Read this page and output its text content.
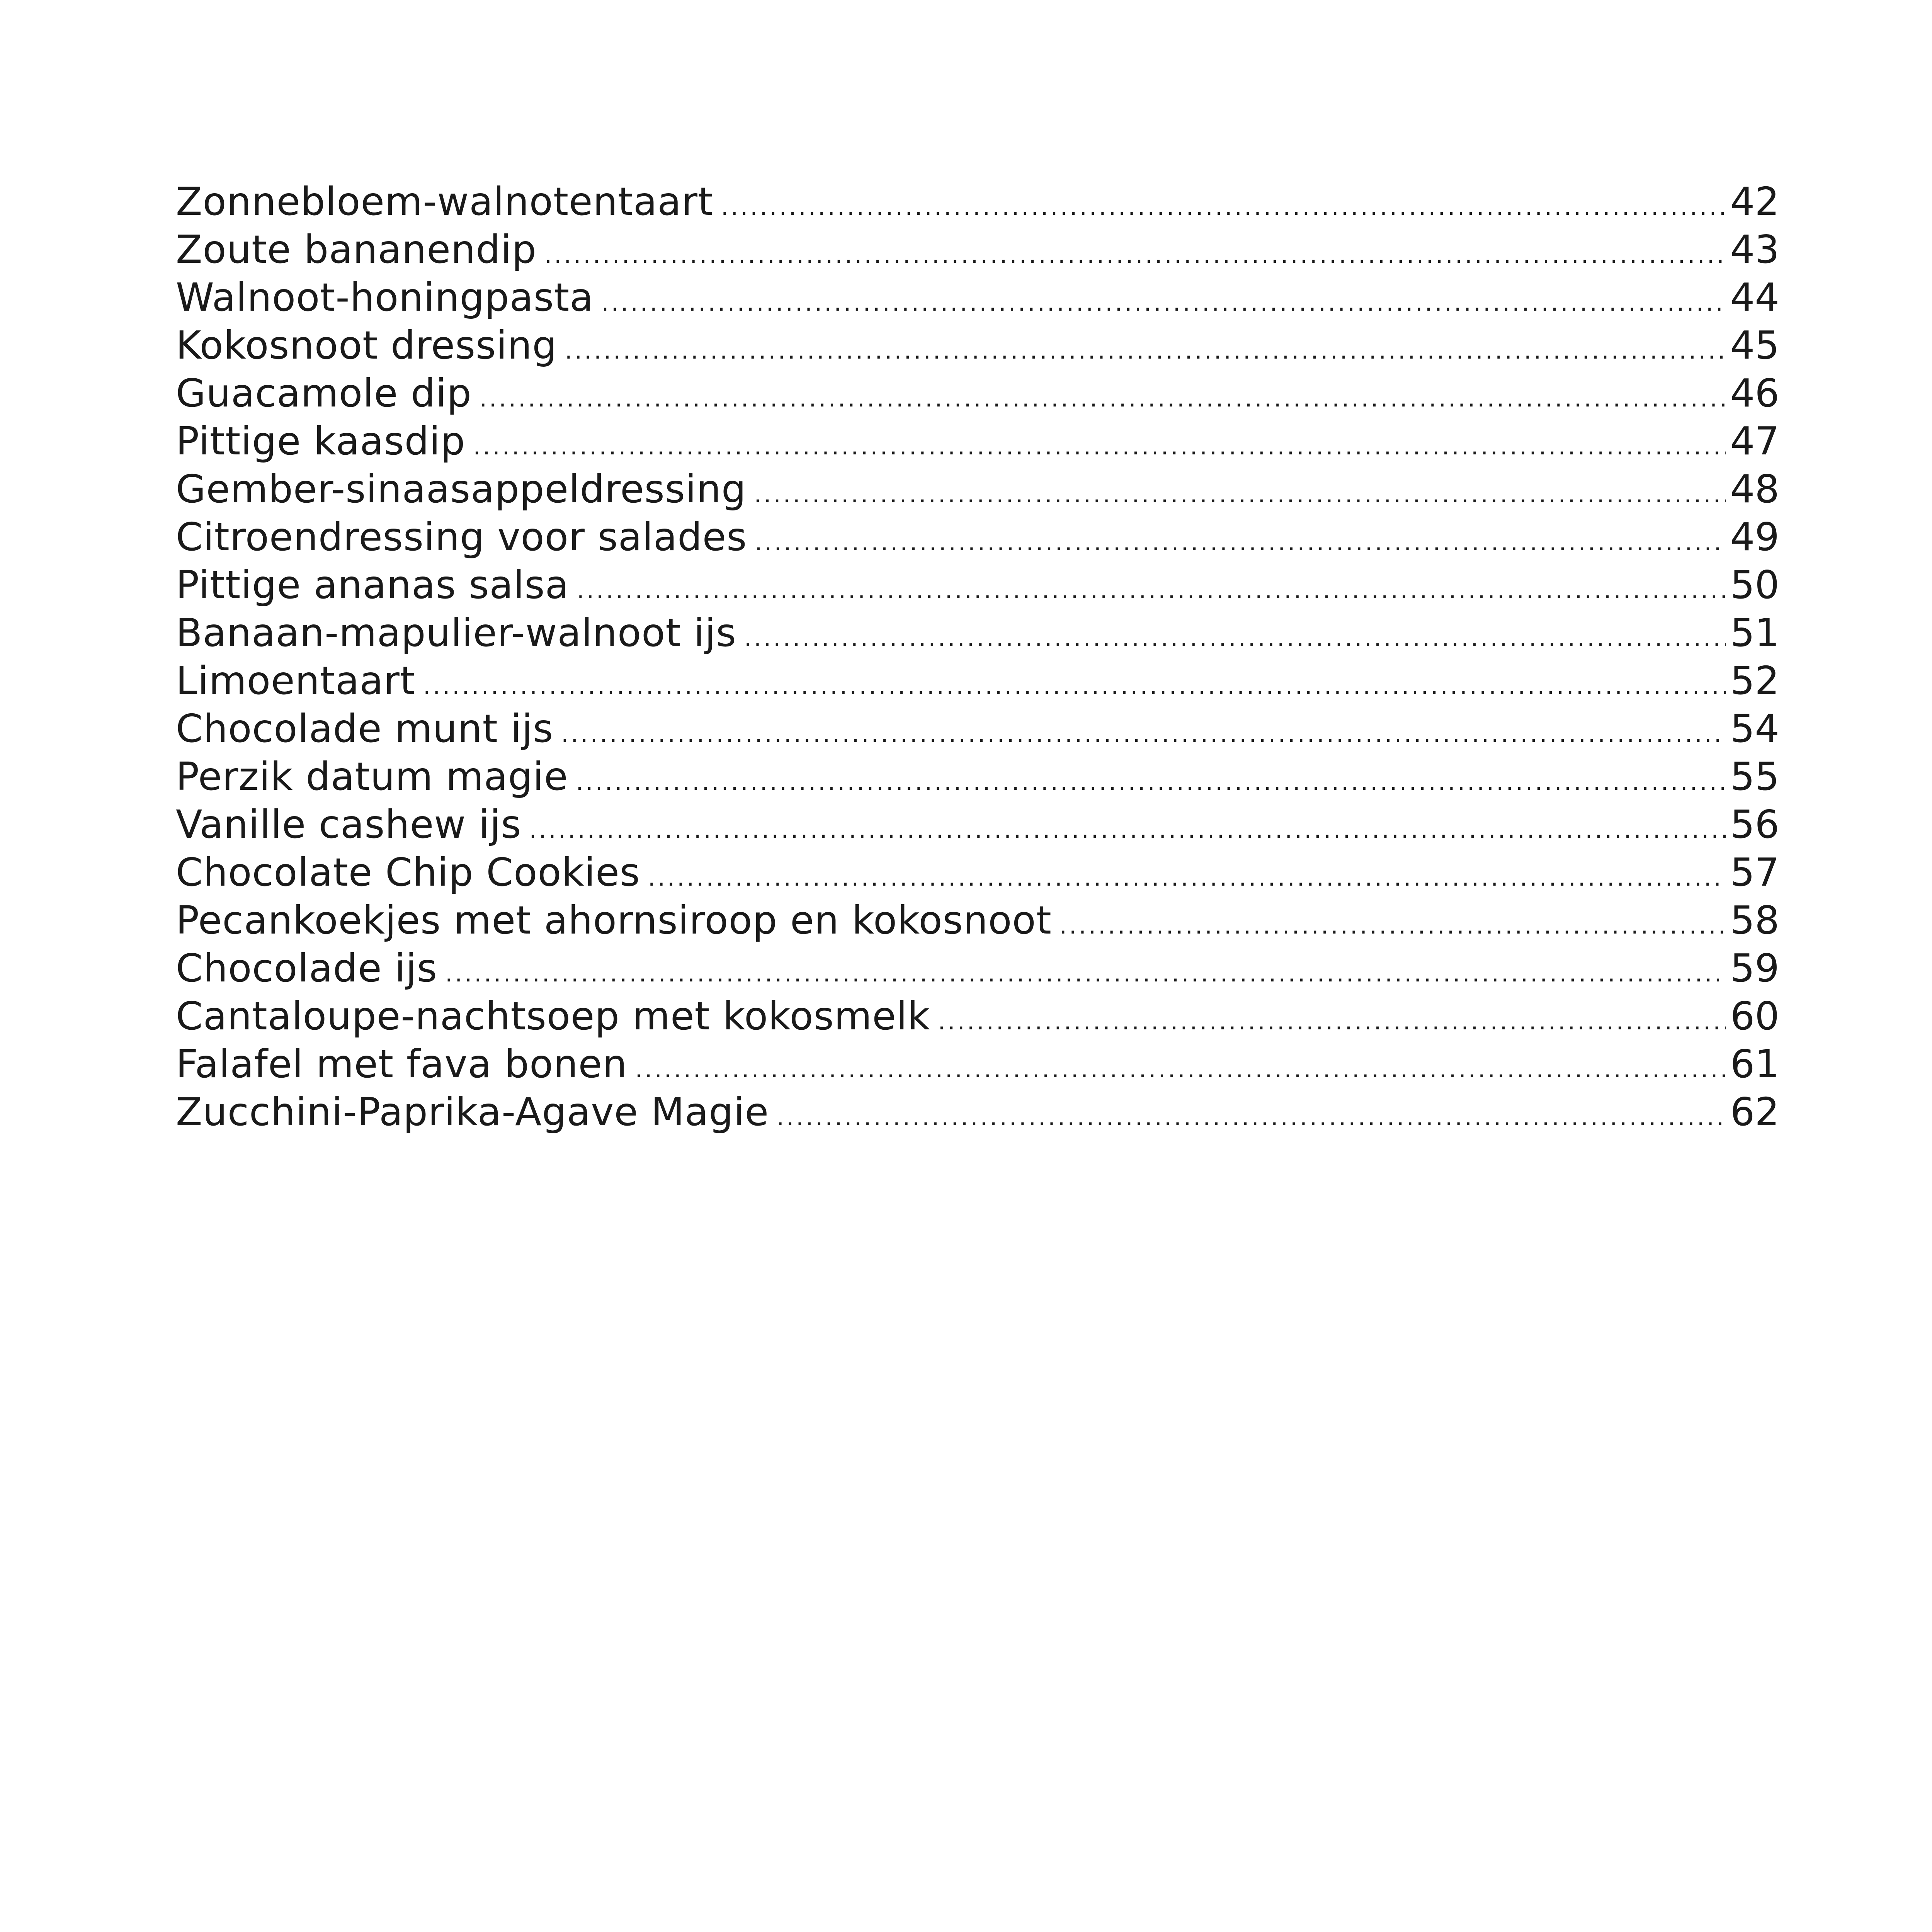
Zonnebloem-walnotentaart .....	42
Zoute bananendip .....	43
Walnoot-honingpasta .....	44
Kokosnoot dressing .....	45
Guacamole dip .....	46
Pittige kaasdip .....	47
Gember-sinaasappeldressing .....	48
Citroendressing voor salades .....	49
Pittige ananas salsa .....	50
Banaan-mapulier-walnoot ijs .....	51
Limoentaart .....	52
Chocolade munt ijs .....	54
Perzik datum magie .....	55
Vanille cashew ijs .....	56
Chocolate Chip Cookies .....	57
Pecankoekjes met ahornsiroop en kokosnoot .....	58
Chocolade ijs .....	59
Cantaloupe-nachtsoep met kokosmelk .....	60
Falafel met fava bonen .....	61
Zucchini-Paprika-Agave Magie .....	62
